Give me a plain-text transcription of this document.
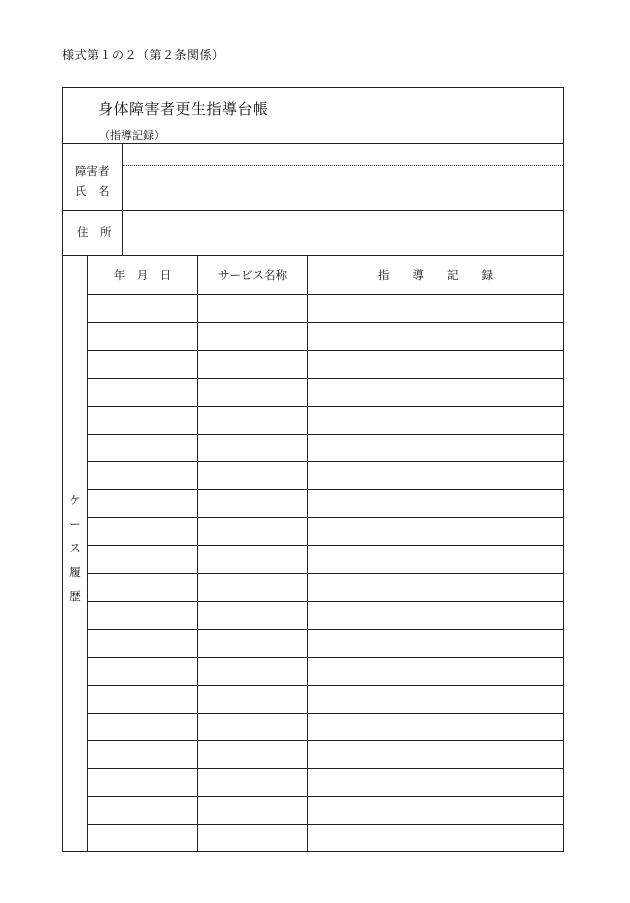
様式第１の２（第２条関係）
身体障害者更生指導台帳
（指導記録）
障害者
氏　名
住　所
年　月　日	サービス名称	指　　導　　記　　録
ケ
ー
ス
履
歴
